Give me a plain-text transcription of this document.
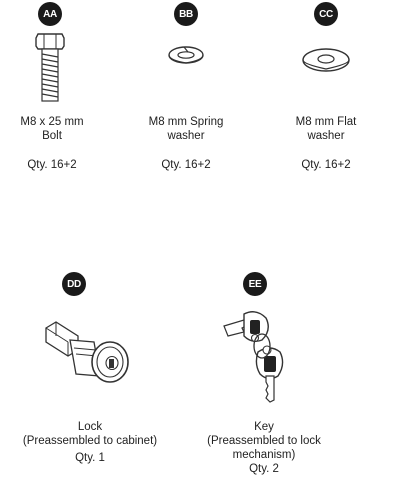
AA
M8 x 25 mm
Bolt
Qty. 16+2
BB
M8 mm Spring
washer
Qty. 16+2
CC
M8 mm Flat
washer
Qty. 16+2
DD
Lock
(Preassembled to cabinet)
Qty. 1
EE
Key
(Preassembled to lock
mechanism)
Qty. 2
